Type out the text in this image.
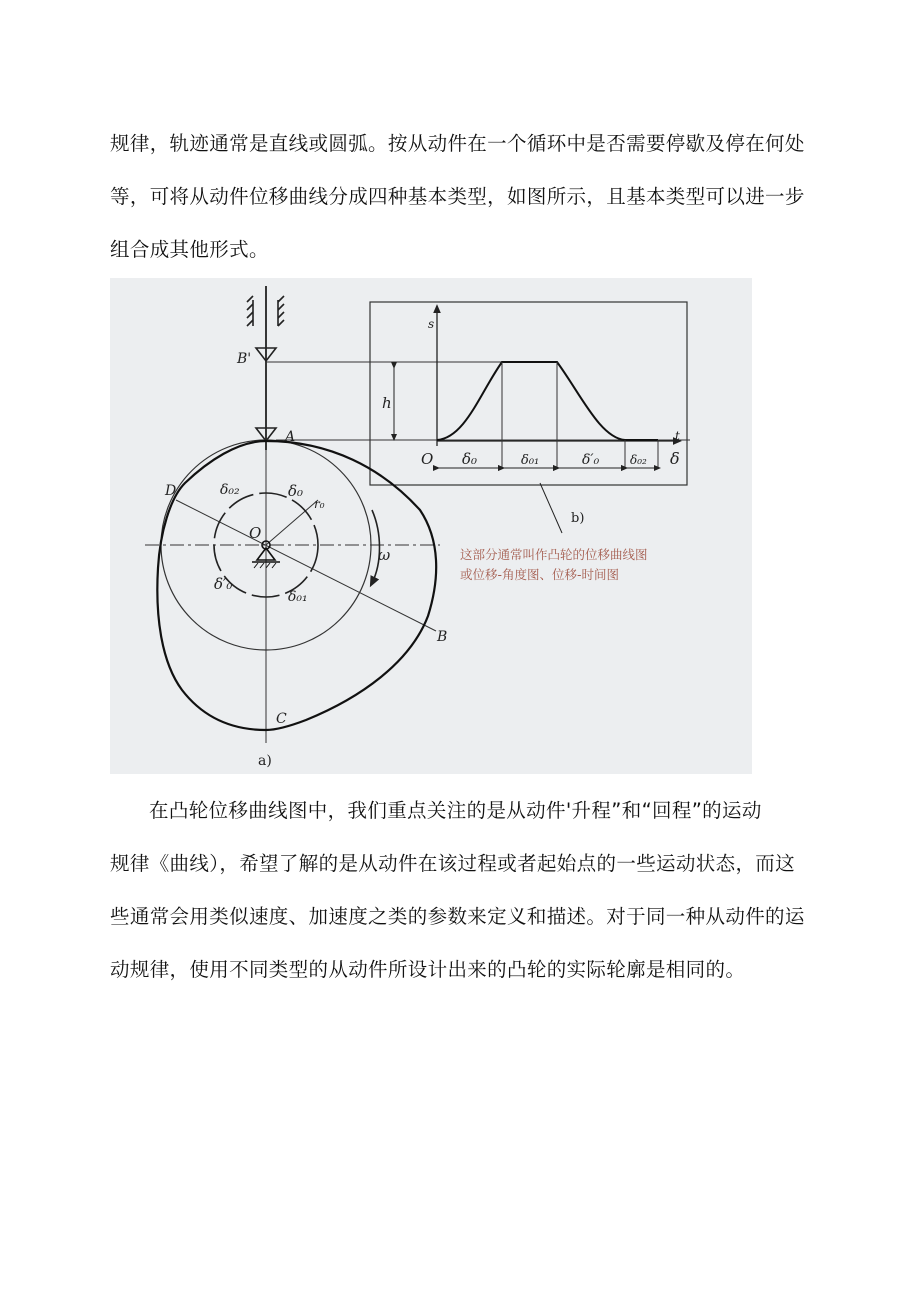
规律，轨迹通常是直线或圆弧。按从动件在一个循环中是否需要停歇及停在何处
等，可将从动件位移曲线分成四种基本类型，如图所示，且基本类型可以进一步
组合成其他形式。

s
O
t
δ
δ₀	δ₀₁	δ′₀	δ₀₂
h
b)
这部分通常叫作凸轮的位移曲线图
或位移-角度图、位移-时间图
B'
A
D
B
C
O
ω
δ₀₂	δ₀
r₀
δ′₀
δ₀₁
a)

在凸轮位移曲线图中，我们重点关注的是从动件'升程”和“回程”的运动
规律《曲线），希望了解的是从动件在该过程或者起始点的一些运动状态，而这
些通常会用类似速度、加速度之类的参数来定义和描述。对于同一种从动件的运
动规律，使用不同类型的从动件所设计出来的凸轮的实际轮廓是相同的。
